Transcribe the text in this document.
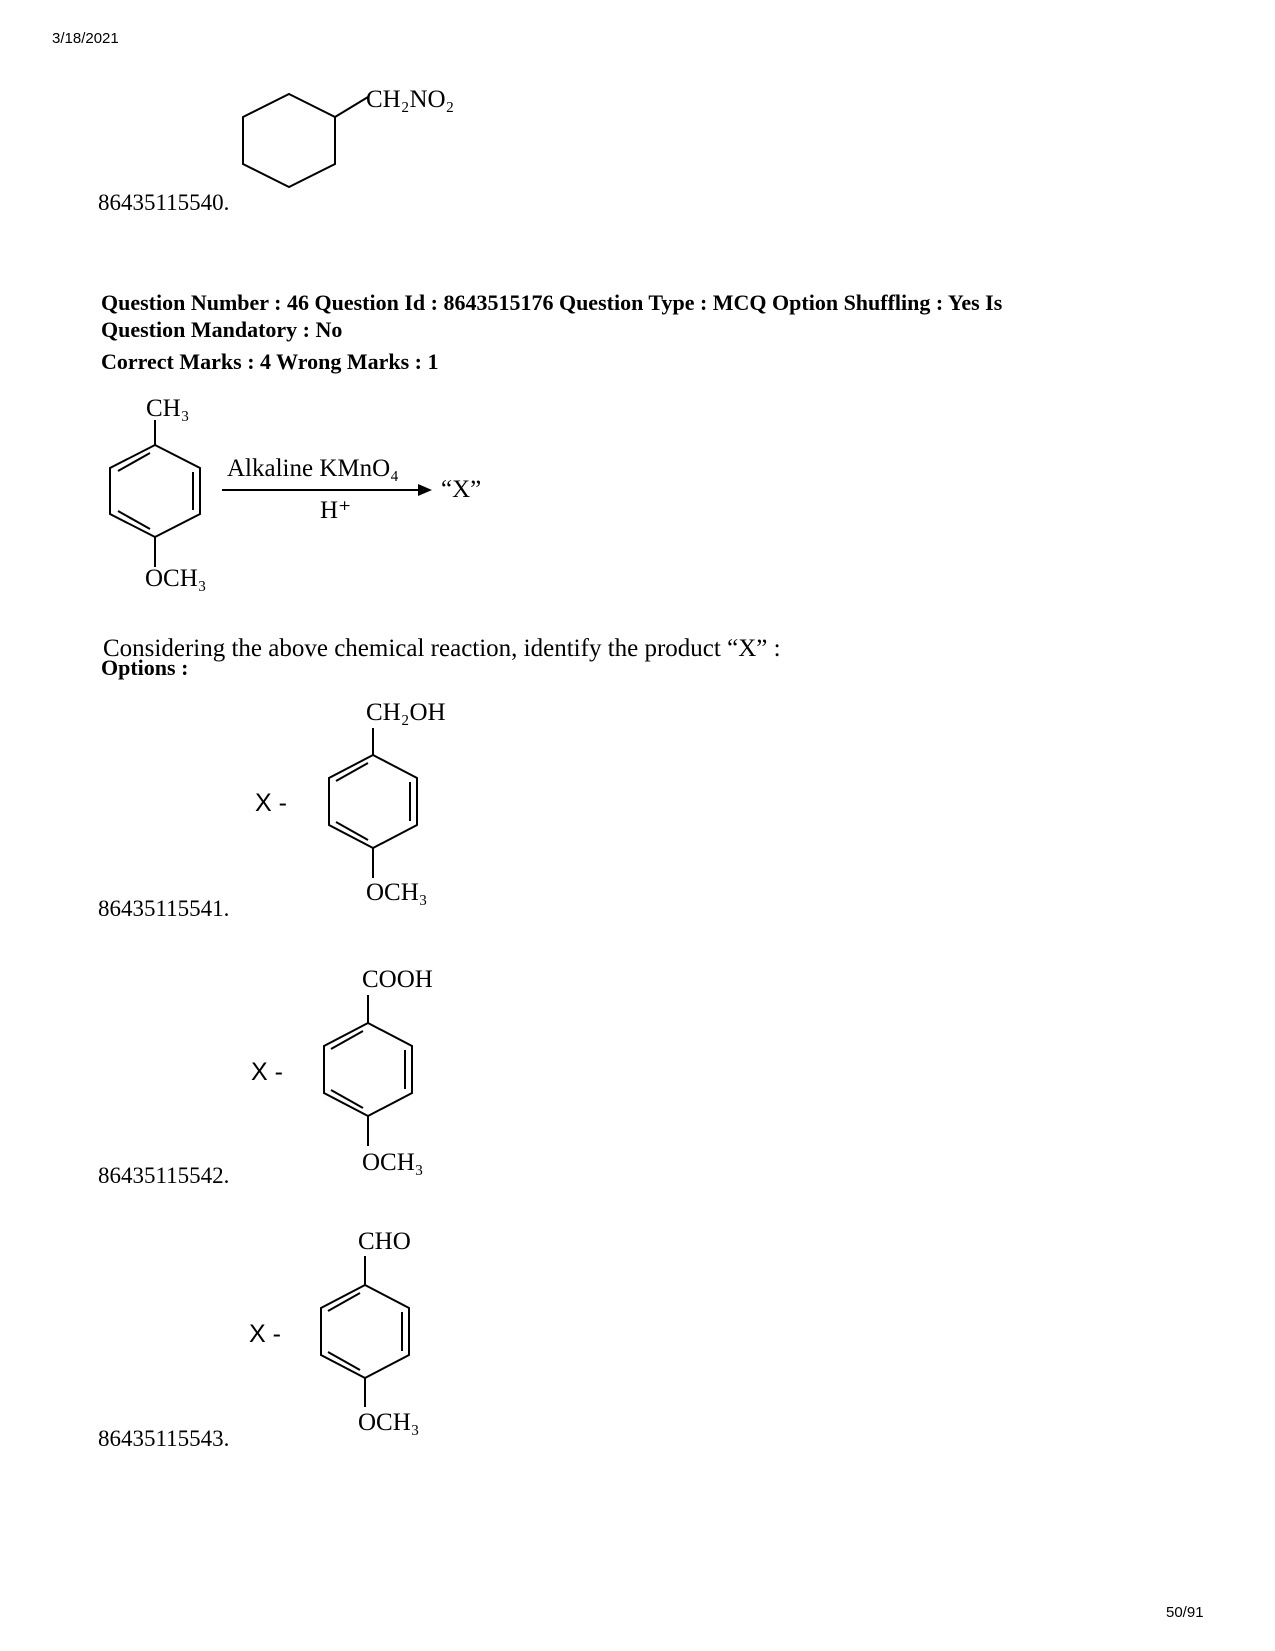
3/18/2021
50/91
CH₂NO₂
86435115540.
Question Number : 46 Question Id : 8643515176 Question Type : MCQ Option Shuffling : Yes Is
Question Mandatory : No
Correct Marks : 4 Wrong Marks : 1
CH₃
OCH₃
Alkaline KMnO₄
H⁺
“X”
Considering the above chemical reaction, identify the product “X” :
Options :
X -
CH₂OH
OCH₃
86435115541.
X -
COOH
OCH₃
86435115542.
X -
CHO
OCH₃
86435115543.
